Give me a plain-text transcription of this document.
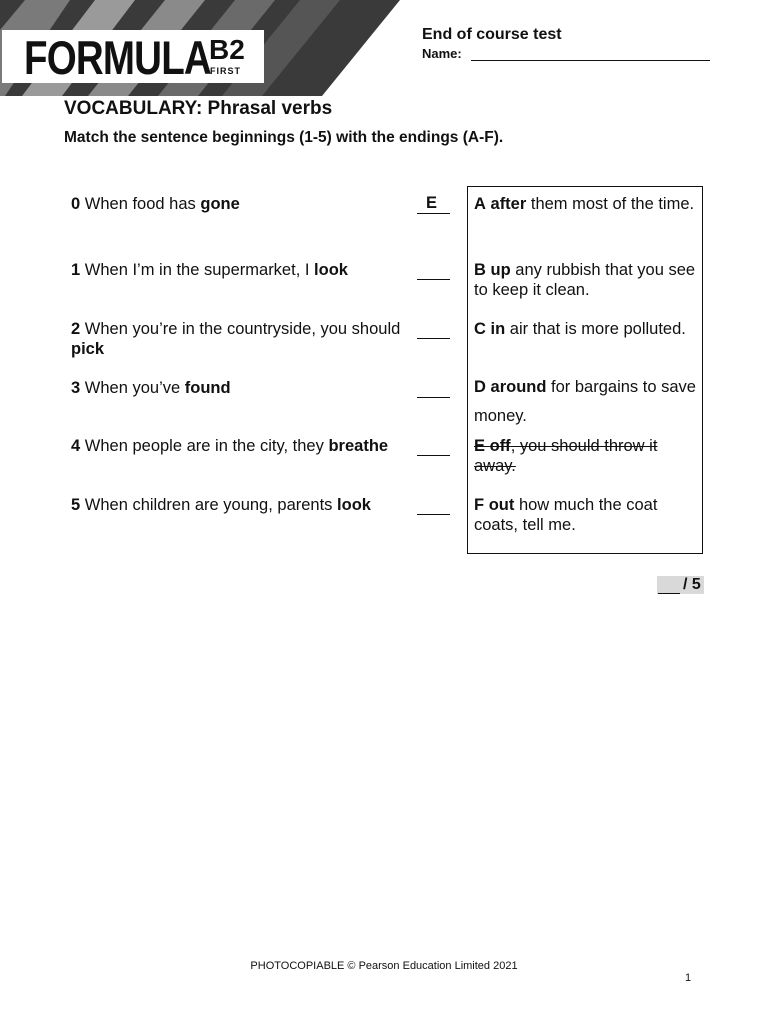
FORMULA
B2
FIRST
End of course test
Name:
VOCABULARY: Phrasal verbs
Match the sentence beginnings (1-5) with the endings (A-F).
0 When food has gone	E
1 When I’m in the supermarket, I look
2 When you’re in the countryside, you should pick
3 When you’ve found
4 When people are in the city, they breathe
5 When children are young, parents look
A after them most of the time.
B up any rubbish that you see to keep it clean.
C in air that is more polluted.
D around for bargains to save money.
E off, you should throw it away.
F out how much the coat coats, tell me.
/ 5
PHOTOCOPIABLE © Pearson Education Limited 2021
1
